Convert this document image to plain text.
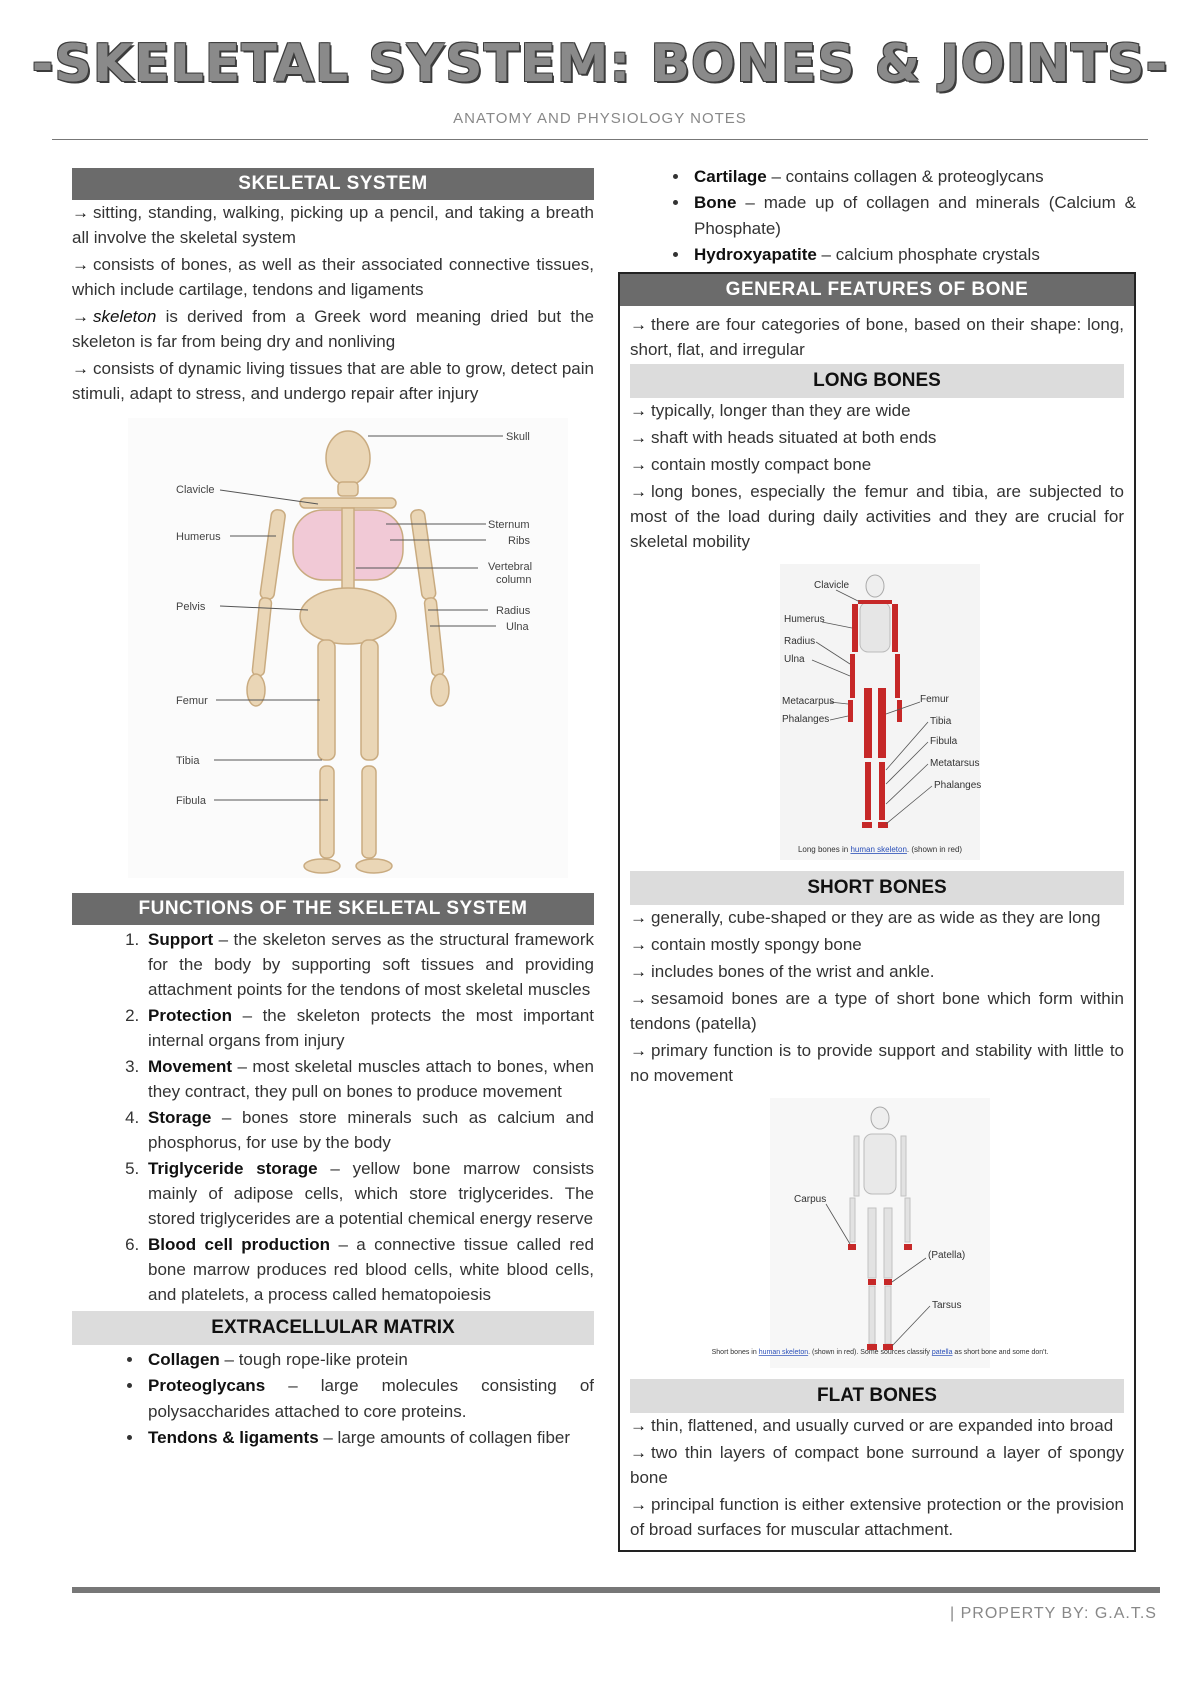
-SKELETAL SYSTEM: BONES & JOINTS-
ANATOMY AND PHYSIOLOGY NOTES
SKELETAL SYSTEM

→ sitting, standing, walking, picking up a pencil, and taking a breath all involve the skeletal system

→ consists of bones, as well as their associated connective tissues, which include cartilage, tendons and ligaments

→ skeleton is derived from a Greek word meaning dried but the skeleton is far from being dry and nonliving

→ consists of dynamic living tissues that are able to grow, detect pain stimuli, adapt to stress, and undergo repair after injury

Skull
Clavicle
Humerus
Sternum
Ribs
Vertebral
column
Pelvis	Radius
Ulna
Femur
Tibia
Fibula
FUNCTIONS OF THE SKELETAL SYSTEM
1. Support – the skeleton serves as the structural framework for the body by supporting soft tissues and providing attachment points for the tendons of most skeletal muscles
2. Protection – the skeleton protects the most important internal organs from injury
3. Movement – most skeletal muscles attach to bones, when they contract, they pull on bones to produce movement
4. Storage – bones store minerals such as calcium and phosphorus, for use by the body
5. Triglyceride storage – yellow bone marrow consists mainly of adipose cells, which store triglycerides. The stored triglycerides are a potential chemical energy reserve
6. Blood cell production – a connective tissue called red bone marrow produces red blood cells, white blood cells, and platelets, a process called hematopoiesis
EXTRACELLULAR MATRIX
• Collagen – tough rope-like protein
• Proteoglycans – large molecules consisting of polysaccharides attached to core proteins.
• Tendons & ligaments – large amounts of collagen fiber
• Cartilage – contains collagen & proteoglycans
• Bone – made up of collagen and minerals (Calcium & Phosphate)
• Hydroxyapatite – calcium phosphate crystals
GENERAL FEATURES OF BONE

→ there are four categories of bone, based on their shape: long, short, flat, and irregular

LONG BONES

→ typically, longer than they are wide

→ shaft with heads situated at both ends

→ contain mostly compact bone

→ long bones, especially the femur and tibia, are subjected to most of the load during daily activities and they are crucial for skeletal mobility

Clavicle
Humerus
Radius
Ulna
Metacarpus
Phalanges
Femur
Tibia
Fibula
Metatarsus
Phalanges
Long bones in human skeleton. (shown in red)
SHORT BONES

→ generally, cube-shaped or they are as wide as they are long

→ contain mostly spongy bone

→ includes bones of the wrist and ankle.

→ sesamoid bones are a type of short bone which form within tendons (patella)

→ primary function is to provide support and stability with little to no movement

Carpus
(Patella)
Tarsus
Short bones in human skeleton. (shown in red). Some sources classify patella as short bone and some don't.
FLAT BONES

→ thin, flattened, and usually curved or are expanded into broad

→ two thin layers of compact bone surround a layer of spongy bone

→ principal function is either extensive protection or the provision of broad surfaces for muscular attachment.

| PROPERTY BY: G.A.T.S
